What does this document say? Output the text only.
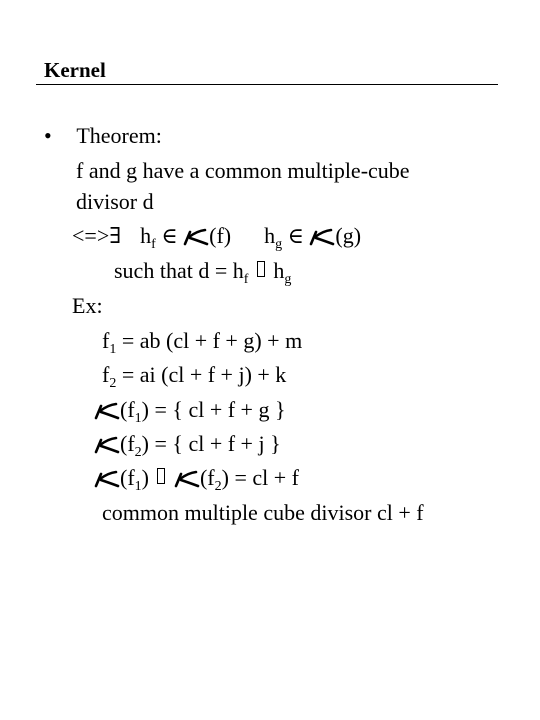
Kernel
• Theorem:
f and g have a common multiple-cube
divisor d
<=>∃ $h_f$ ∈ (f) $h_g$ ∈ (g)
such that $d = h_f$ $h_g$
Ex:
$f_1$ = ab (cl + f + g) + m
$f_2$ = ai (cl + f + j) + k
$(f_1)$ = { cl + f + g }
$(f_2)$ = { cl + f + j }
$(f_1) (f_2)$ = cl + f
common multiple cube divisor cl + f
